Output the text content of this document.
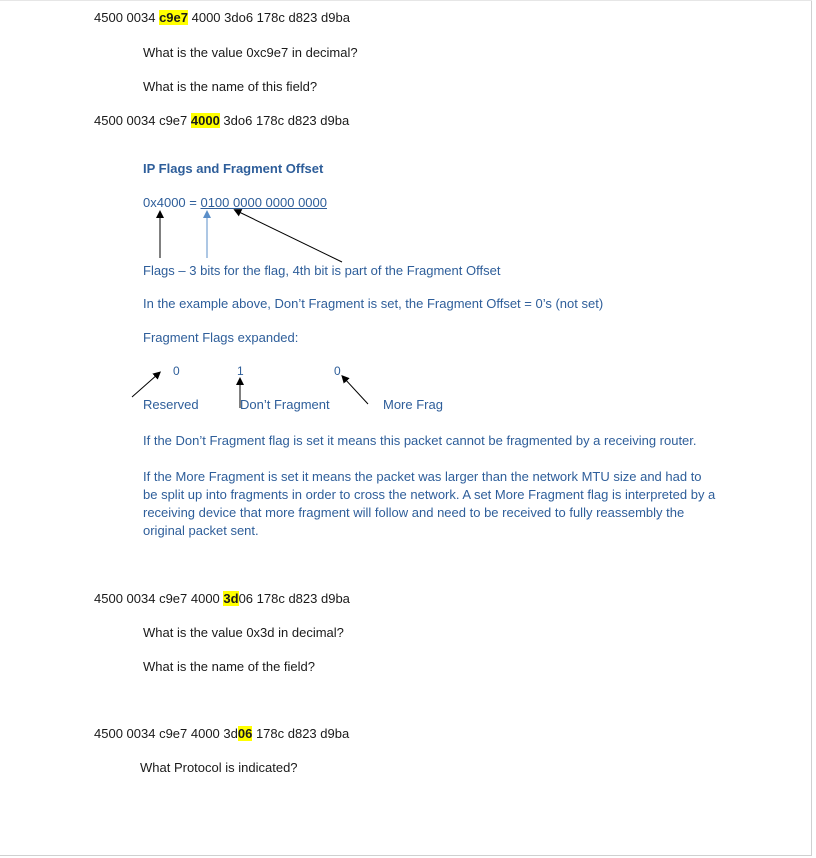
4500 0034 c9e7 4000 3do6 178c d823 d9ba
What is the value 0xc9e7 in decimal?
What is the name of this field?
4500 0034 c9e7 4000 3do6 178c d823 d9ba
IP Flags and Fragment Offset
0x4000 = 0100 0000 0000 0000
Flags – 3 bits for the flag, 4th bit is part of the Fragment Offset
In the example above, Don’t Fragment is set, the Fragment Offset = 0’s (not set)
Fragment Flags expanded:
0	1	0
Reserved	Don’t Fragment	More Frag
If the Don’t Fragment flag is set it means this packet cannot be fragmented by a receiving router.
If the More Fragment is set it means the packet was larger than the network MTU size and had to be split up into fragments in order to cross the network. A set More Fragment flag is interpreted by a receiving device that more fragment will follow and need to be received to fully reassembly the original packet sent.
4500 0034 c9e7 4000 3d06 178c d823 d9ba
What is the value 0x3d in decimal?
What is the name of the field?
4500 0034 c9e7 4000 3d06 178c d823 d9ba
What Protocol is indicated?
